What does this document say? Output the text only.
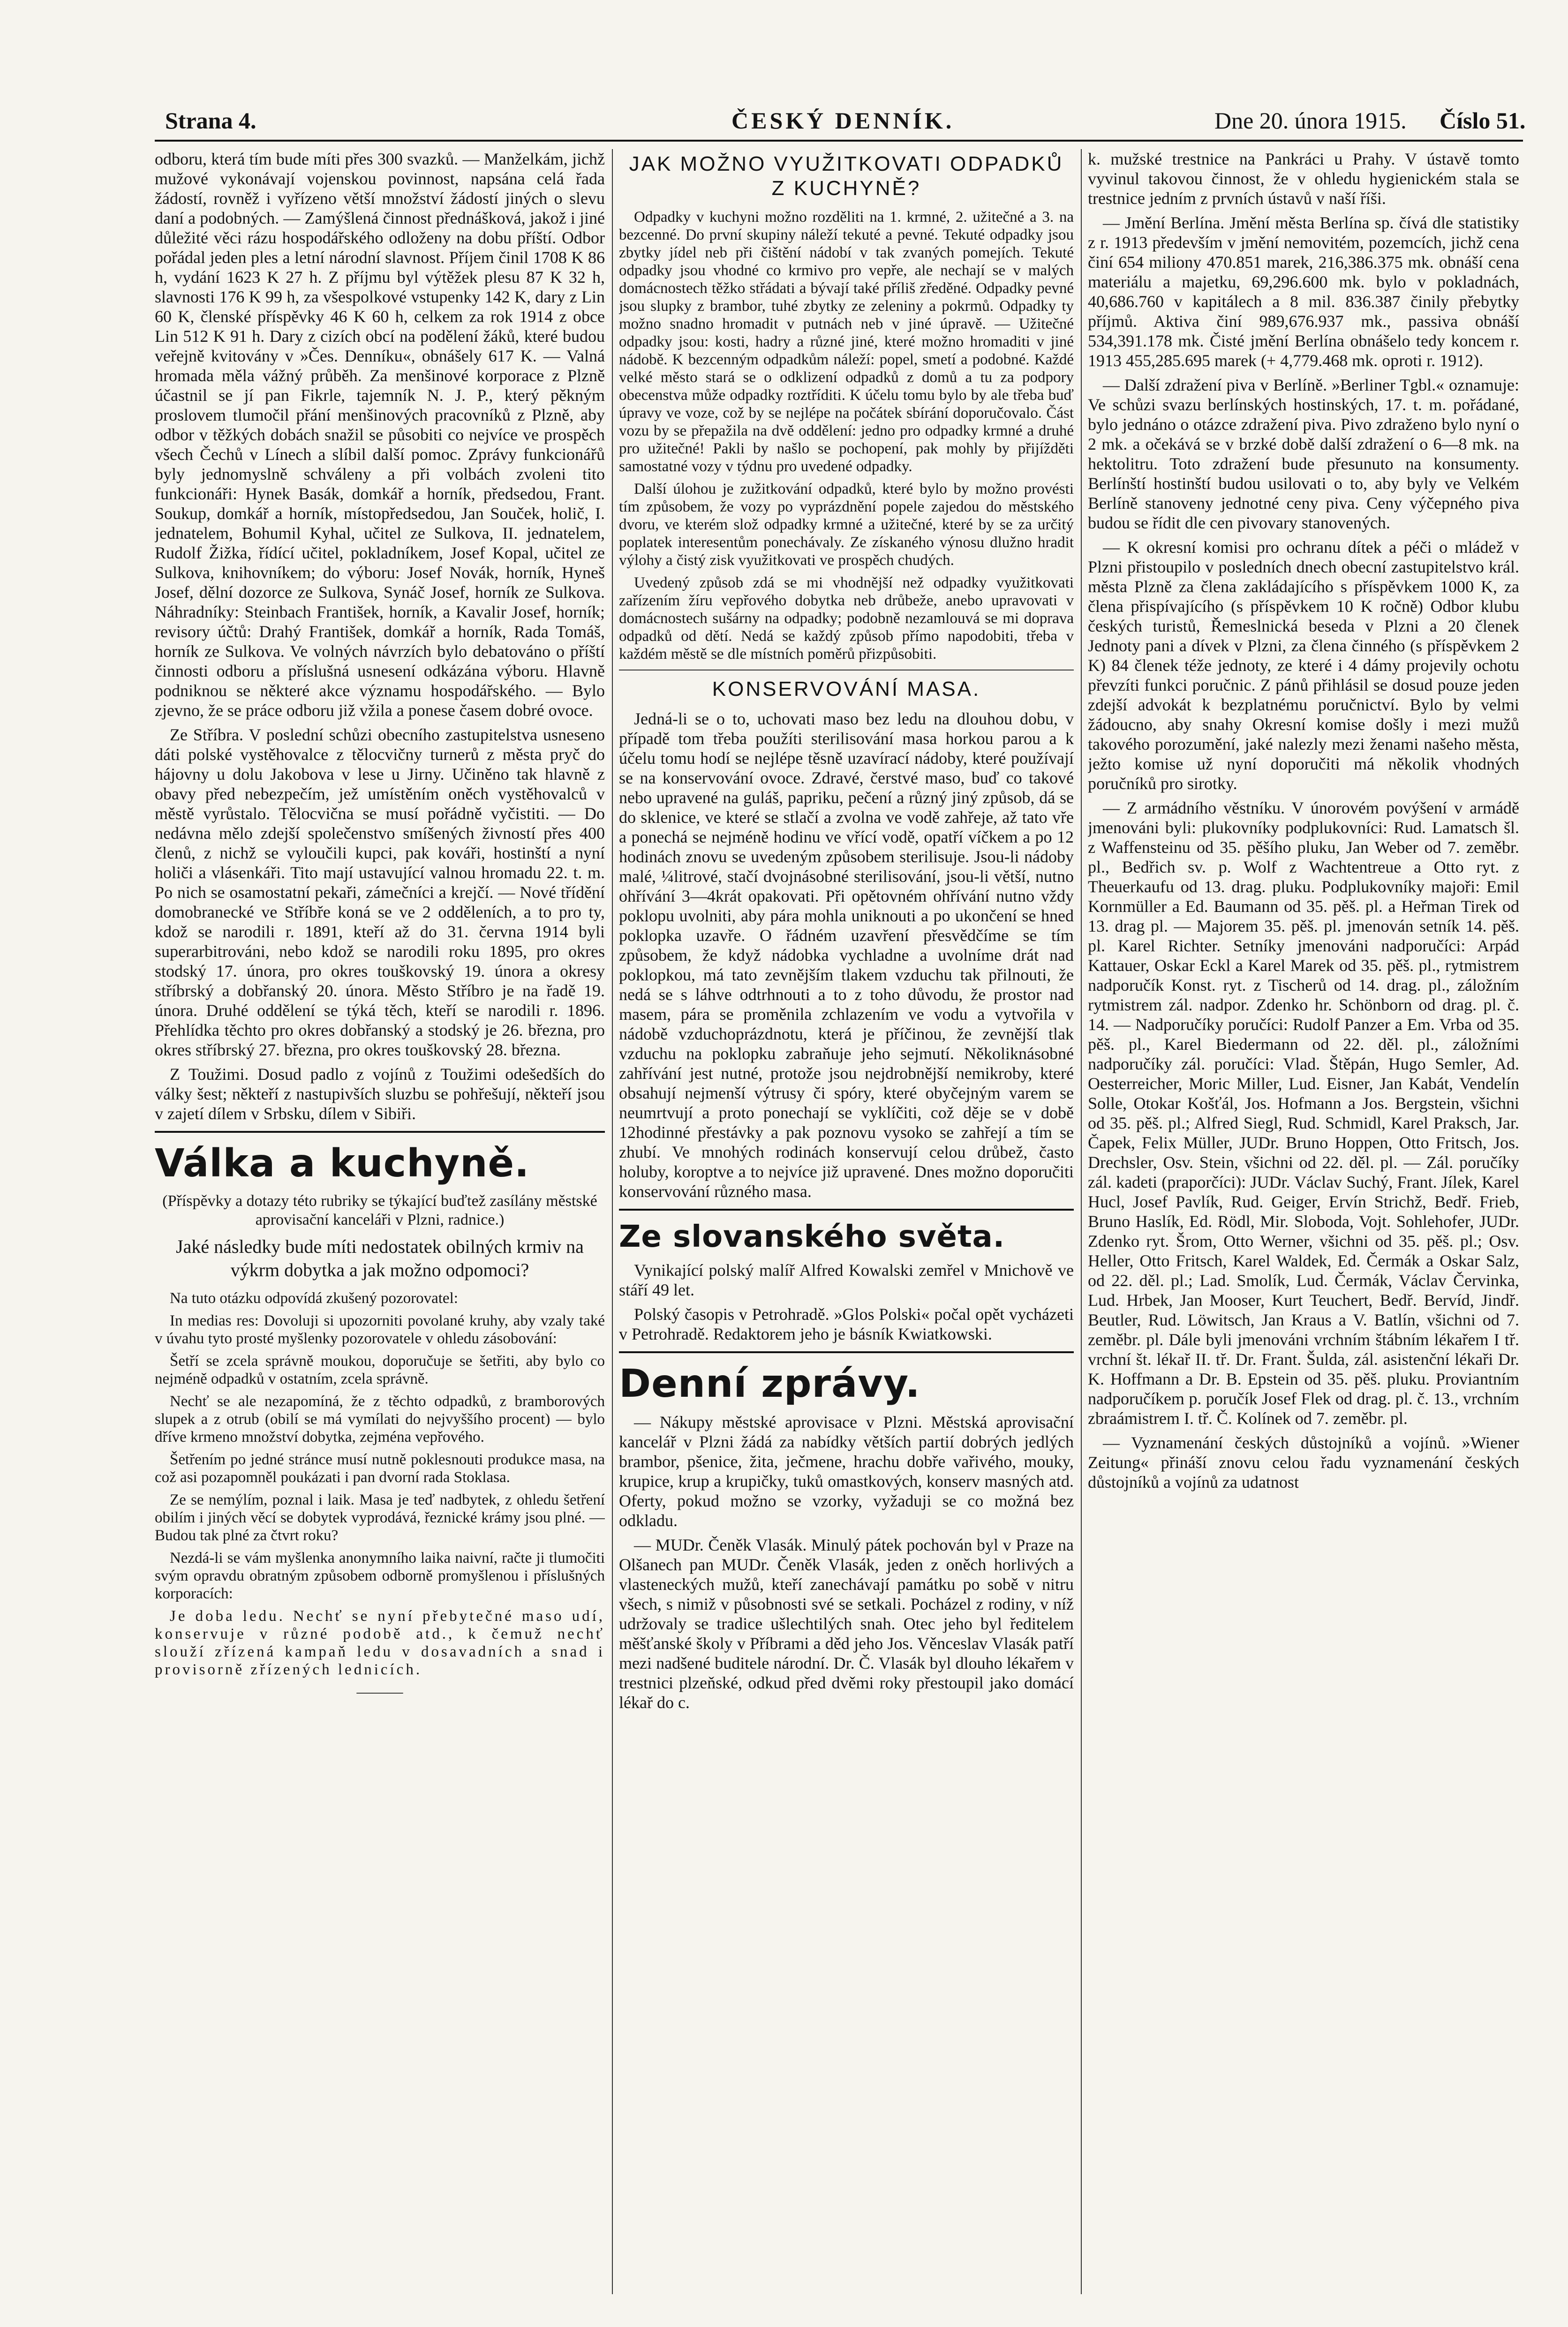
Strana 4.	ČESKÝ DENNÍK.	Dne 20. února 1915. Číslo 51.

odboru, která tím bude míti přes 300 svazků. — Manželkám, jichž mužové vykonávají vojenskou povinnost, napsána celá řada žádostí, rovněž i vyřízeno větší množství žádostí jiných o slevu daní a podobných. — Zamýšlená činnost přednášková, jakož i jiné důležité věci rázu hospodářského odloženy na dobu příští. Odbor pořádal jeden ples a letní národní slavnost. Příjem činil 1708 K 86 h, vydání 1623 K 27 h. Z příjmu byl výtěžek plesu 87 K 32 h, slavnosti 176 K 99 h, za všespolkové vstupenky 142 K, dary z Lin 60 K, členské příspěvky 46 K 60 h, celkem za rok 1914 z obce Lin 512 K 91 h. Dary z cizích obcí na podělení žáků, které budou veřejně kvitovány v »Čes. Denníku«, obnášely 617 K. — Valná hromada měla vážný průběh. Za menšinové korporace z Plzně účastnil se jí pan Fikrle, tajemník N. J. P., který pěkným proslovem tlumočil přání menšinových pracovníků z Plzně, aby odbor v těžkých dobách snažil se působiti co nejvíce ve prospěch všech Čechů v Línech a slíbil další pomoc. Zprávy funkcionářů byly jednomyslně schváleny a při volbách zvoleni tito funkcionáři: Hynek Basák, domkář a horník, předsedou, Frant. Soukup, domkář a horník, místopředsedou, Jan Souček, holič, I. jednatelem, Bohumil Kyhal, učitel ze Sulkova, II. jednatelem, Rudolf Žižka, řídící učitel, pokladníkem, Josef Kopal, učitel ze Sulkova, knihovníkem; do výboru: Josef Novák, horník, Hyneš Josef, dělní dozorce ze Sulkova, Synáč Josef, horník ze Sulkova. Náhradníky: Steinbach František, horník, a Kavalir Josef, horník; revisory účtů: Drahý František, domkář a horník, Rada Tomáš, horník ze Sulkova. Ve volných návrzích bylo debatováno o příští činnosti odboru a příslušná usnesení odkázána výboru. Hlavně podniknou se některé akce významu hospodářského. — Bylo zjevno, že se práce odboru již vžila a ponese časem dobré ovoce.

Ze Stříbra. V poslední schůzi obecního zastupitelstva usneseno dáti polské vystěhovalce z tělocvičny turnerů z města pryč do hájovny u dolu Jakobova v lese u Jirny. Učiněno tak hlavně z obavy před nebezpečím, jež umístěním oněch vystěhovalců v městě vyrůstalo. Tělocvična se musí pořádně vyčistiti. — Do nedávna mělo zdejší společenstvo smíšených živností přes 400 členů, z nichž se vyloučili kupci, pak kováři, hostinští a nyní holiči a vlásenkáři. Tito mají ustavující valnou hromadu 22. t. m. Po nich se osamostatní pekaři, zámečníci a krejčí. — Nové třídění domobranecké ve Stříbře koná se ve 2 odděleních, a to pro ty, kdož se narodili r. 1891, kteří až do 31. června 1914 byli superarbitrováni, nebo kdož se narodili roku 1895, pro okres stodský 17. února, pro okres touškovský 19. února a okresy stříbrský a dobřanský 20. února. Město Stříbro je na řadě 19. února. Druhé oddělení se týká těch, kteří se narodili r. 1896. Přehlídka těchto pro okres dobřanský a stodský je 26. března, pro okres stříbrský 27. března, pro okres touškovský 28. března.

Z Toužimi. Dosud padlo z vojínů z Toužimi odešedších do války šest; někteří z nastupivších sluzbu se pohřešují, někteří jsou v zajetí dílem v Srbsku, dílem v Sibiři.

Válka a kuchyně.

(Příspěvky a dotazy této rubriky se týkající buďtež zasílány městské aprovisační kanceláři v Plzni, radnice.)

Jaké následky bude míti nedostatek obilných krmiv na výkrm dobytka a jak možno odpomoci?

Na tuto otázku odpovídá zkušený pozorovatel:

In medias res: Dovoluji si upozorniti povolané kruhy, aby vzaly také v úvahu tyto prosté myšlenky pozorovatele v ohledu zásobování:

Šetří se zcela správně moukou, doporučuje se šetřiti, aby bylo co nejméně odpadků v ostatním, zcela správně.

Nechť se ale nezapomíná, že z těchto odpadků, z bramborových slupek a z otrub (obilí se má vymílati do nejvyššího procent) — bylo dříve krmeno množství dobytka, zejména vepřového.

Šetřením po jedné stránce musí nutně poklesnouti produkce masa, na což asi pozapomněl poukázati i pan dvorní rada Stoklasa.

Ze se nemýlím, poznal i laik. Masa je teď nadbytek, z ohledu šetření obilím i jiných věcí se dobytek vyprodává, řeznické krámy jsou plné. — Budou tak plné za čtvrt roku?

Nezdá-li se vám myšlenka anonymního laika naivní, račte ji tlumočiti svým opravdu obratným způsobem odborně promyšlenou i příslušných korporacích:

Je doba ledu. Nechť se nyní přebytečné maso udí, konservuje v různé podobě atd., k čemuž nechť slouží zřízená kampaň ledu v dosavadních a snad i provisorně zřízených lednicích.

———

JAK MOŽNO VYUŽITKOVATI ODPADKŮ Z KUCHYNĚ?

Odpadky v kuchyni možno rozděliti na 1. krmné, 2. užitečné a 3. na bezcenné. Do první skupiny náleží tekuté a pevné. Tekuté odpadky jsou zbytky jídel neb při čištění nádobí v tak zvaných pomejích. Tekuté odpadky jsou vhodné co krmivo pro vepře, ale nechají se v malých domácnostech těžko střádati a bývají také příliš zředěné. Odpadky pevné jsou slupky z brambor, tuhé zbytky ze zeleniny a pokrmů. Odpadky ty možno snadno hromadit v putnách neb v jiné úpravě. — Užitečné odpadky jsou: kosti, hadry a různé jiné, které možno hromaditi v jiné nádobě. K bezcenným odpadkům náleží: popel, smetí a podobné. Každé velké město stará se o odklizení odpadků z domů a tu za podpory obecenstva může odpadky roztříditi. K účelu tomu bylo by ale třeba buď úpravy ve voze, což by se nejlépe na počátek sbírání doporučovalo. Část vozu by se přepažila na dvě oddělení: jedno pro odpadky krmné a druhé pro užitečné! Pakli by našlo se pochopení, pak mohly by přijížděti samostatné vozy v týdnu pro uvedené odpadky.

Další úlohou je zužitkování odpadků, které bylo by možno provésti tím způsobem, že vozy po vyprázdnění popele zajedou do městského dvoru, ve kterém slož odpadky krmné a užitečné, které by se za určitý poplatek interesentům ponechávaly. Ze získaného výnosu dlužno hradit výlohy a čistý zisk využitkovati ve prospěch chudých.

Uvedený způsob zdá se mi vhodnější než odpadky využitkovati zařízením žíru vepřového dobytka neb drůbeže, anebo upravovati v domácnostech sušárny na odpadky; podobně nezamlouvá se mi doprava odpadků od dětí. Nedá se každý způsob přímo napodobiti, třeba v každém městě se dle místních poměrů přizpůsobiti.

KONSERVOVÁNÍ MASA.

Jedná-li se o to, uchovati maso bez ledu na dlouhou dobu, v případě tom třeba použíti sterilisování masa horkou parou a k účelu tomu hodí se nejlépe těsně uzavírací nádoby, které používají se na konservování ovoce. Zdravé, čerstvé maso, buď co takové nebo upravené na guláš, papriku, pečení a různý jiný způsob, dá se do sklenice, ve které se stlačí a zvolna ve vodě zahřeje, až tato vře a ponechá se nejméně hodinu ve vřící vodě, opatří víčkem a po 12 hodinách znovu se uvedeným způsobem sterilisuje. Jsou-li nádoby malé, ¼litrové, stačí dvojnásobné sterilisování, jsou-li větší, nutno ohřívání 3—4krát opakovati. Při opětovném ohřívání nutno vždy poklopu uvolniti, aby pára mohla uniknouti a po ukončení se hned poklopka uzavře. O řádném uzavření přesvědčíme se tím způsobem, že když nádobka vychladne a uvolníme drát nad poklopkou, má tato zevnějším tlakem vzduchu tak přilnouti, že nedá se s láhve odtrhnouti a to z toho důvodu, že prostor nad masem, pára se proměnila zchlazením ve vodu a vytvořila v nádobě vzduchoprázdnotu, která je příčinou, že zevnější tlak vzduchu na poklopku zabraňuje jeho sejmutí. Několiknásobné zahřívání jest nutné, protože jsou nejdrobnější nemikroby, které obsahují nejmenší výtrusy či spóry, které obyčejným varem se neumrtvují a proto ponechají se vyklíčiti, což děje se v době 12hodinné přestávky a pak poznovu vysoko se zahřejí a tím se zhubí. Ve mnohých rodinách konservují celou drůbež, často holuby, koroptve a to nejvíce již upravené. Dnes možno doporučiti konservování různého masa.

Ze slovanského světa.

Vynikající polský malíř Alfred Kowalski zemřel v Mnichově ve stáří 49 let.

Polský časopis v Petrohradě. »Glos Polski« počal opět vycházeti v Petrohradě. Redaktorem jeho je básník Kwiatkowski.

Denní zprávy.

— Nákupy městské aprovisace v Plzni. Městská aprovisační kancelář v Plzni žádá za nabídky větších partií dobrých jedlých brambor, pšenice, žita, ječmene, hrachu dobře vařivého, mouky, krupice, krup a krupičky, tuků omastkových, konserv masných atd. Oferty, pokud možno se vzorky, vyžaduji se co možná bez odkladu.

— MUDr. Čeněk Vlasák. Minulý pátek pochován byl v Praze na Olšanech pan MUDr. Čeněk Vlasák, jeden z oněch horlivých a vlasteneckých mužů, kteří zanechávají památku po sobě v nitru všech, s nimiž v působnosti své se setkali. Pocházel z rodiny, v níž udržovaly se tradice ušlechtilých snah. Otec jeho byl ředitelem měšťanské školy v Příbrami a děd jeho Jos. Věnceslav Vlasák patří mezi nadšené buditele národní. Dr. Č. Vlasák byl dlouho lékařem v trestnici plzeňské, odkud před dvěmi roky přestoupil jako domácí lékař do c.

k. mužské trestnice na Pankráci u Prahy. V ústavě tomto vyvinul takovou činnost, že v ohledu hygienickém stala se trestnice jedním z prvních ústavů v naší říši.

— Jmění Berlína. Jmění města Berlína sp. čívá dle statistiky z r. 1913 především v jmění nemovitém, pozemcích, jichž cena činí 654 miliony 470.851 marek, 216,386.375 mk. obnáší cena materiálu a majetku, 69,296.600 mk. bylo v pokladnách, 40,686.760 v kapitálech a 8 mil. 836.387 činily přebytky příjmů. Aktiva činí 989,676.937 mk., passiva obnáší 534,391.178 mk. Čisté jmění Berlína obnášelo tedy koncem r. 1913 455,285.695 marek (+ 4,779.468 mk. oproti r. 1912).

— Další zdražení piva v Berlíně. »Berliner Tgbl.« oznamuje: Ve schůzi svazu berlínských hostinských, 17. t. m. pořádané, bylo jednáno o otázce zdražení piva. Pivo zdraženo bylo nyní o 2 mk. a očekává se v brzké době další zdražení o 6—8 mk. na hektolitru. Toto zdražení bude přesunuto na konsumenty. Berlínští hostinští budou usilovati o to, aby byly ve Velkém Berlíně stanoveny jednotné ceny piva. Ceny výčepného piva budou se řídit dle cen pivovary stanovených.

— K okresní komisi pro ochranu dítek a péči o mládež v Plzni přistoupilo v posledních dnech obecní zastupitelstvo král. města Plzně za člena zakládajícího s příspěvkem 1000 K, za člena přispívajícího (s příspěvkem 10 K ročně) Odbor klubu českých turistů, Řemeslnická beseda v Plzni a 20 členek Jednoty pani a dívek v Plzni, za člena činného (s příspěvkem 2 K) 84 členek téže jednoty, ze které i 4 dámy projevily ochotu převzíti funkci poručnic. Z pánů přihlásil se dosud pouze jeden zdejší advokát k bezplatnému poručnictví. Bylo by velmi žádoucno, aby snahy Okresní komise došly i mezi mužů takového porozumění, jaké nalezly mezi ženami našeho města, ježto komise už nyní doporučiti má několik vhodných poručníků pro sirotky.

— Z armádního věstníku. V únorovém povýšení v armádě jmenováni byli: plukovníky podplukovníci: Rud. Lamatsch šl. z Waffensteinu od 35. pěšího pluku, Jan Weber od 7. zeměbr. pl., Bedřich sv. p. Wolf z Wachtentreue a Otto ryt. z Theuerkaufu od 13. drag. pluku. Podplukovníky majoři: Emil Kornmüller a Ed. Baumann od 35. pěš. pl. a Heřman Tirek od 13. drag pl. — Majorem 35. pěš. pl. jmenován setník 14. pěš. pl. Karel Richter. Setníky jmenováni nadporučíci: Arpád Kattauer, Oskar Eckl a Karel Marek od 35. pěš. pl., rytmistrem nadporučík Konst. ryt. z Tischerů od 14. drag. pl., záložním rytmistrem zál. nadpor. Zdenko hr. Schönborn od drag. pl. č. 14. — Nadporučíky poručíci: Rudolf Panzer a Em. Vrba od 35. pěš. pl., Karel Biedermann od 22. děl. pl., záložními nadporučíky zál. poručíci: Vlad. Štěpán, Hugo Semler, Ad. Oesterreicher, Moric Miller, Lud. Eisner, Jan Kabát, Vendelín Solle, Otokar Košťál, Jos. Hofmann a Jos. Bergstein, všichni od 35. pěš. pl.; Alfred Siegl, Rud. Schmidl, Karel Praksch, Jar. Čapek, Felix Müller, JUDr. Bruno Hoppen, Otto Fritsch, Jos. Drechsler, Osv. Stein, všichni od 22. děl. pl. — Zál. poručíky zál. kadeti (praporčíci): JUDr. Václav Suchý, Frant. Jílek, Karel Hucl, Josef Pavlík, Rud. Geiger, Ervín Strichž, Bedř. Frieb, Bruno Haslík, Ed. Rödl, Mir. Sloboda, Vojt. Sohlehofer, JUDr. Zdenko ryt. Šrom, Otto Werner, všichni od 35. pěš. pl.; Osv. Heller, Otto Fritsch, Karel Waldek, Ed. Čermák a Oskar Salz, od 22. děl. pl.; Lad. Smolík, Lud. Čermák, Václav Červinka, Lud. Hrbek, Jan Mooser, Kurt Teuchert, Bedř. Bervíd, Jindř. Beutler, Rud. Löwitsch, Jan Kraus a V. Batlín, všichni od 7. zeměbr. pl. Dále byli jmenováni vrchním štábním lékařem I tř. vrchní št. lékař II. tř. Dr. Frant. Šulda, zál. asistenční lékaři Dr. K. Hoffmann a Dr. B. Epstein od 35. pěš. pluku. Proviantním nadporučíkem p. poručík Josef Flek od drag. pl. č. 13., vrchním zbraámistrem I. tř. Č. Kolínek od 7. zeměbr. pl.

— Vyznamenání českých důstojníků a vojínů. »Wiener Zeitung« přináší znovu celou řadu vyznamenání českých důstojníků a vojínů za udatnost
